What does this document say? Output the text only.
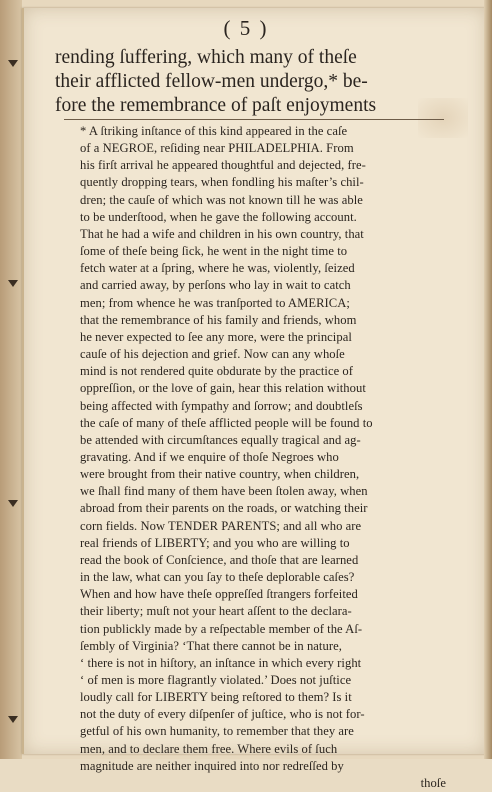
( 5 )
rending ſuffering, which many of theſe
their afflicted fellow-men undergo,* be-
fore the remembrance of paſt enjoyments
* A ſtriking inſtance of this kind appeared in the caſe
of a NEGROE, reſiding near PHILADELPHIA. From
his firſt arrival he appeared thoughtful and dejected, fre-
quently dropping tears, when fondling his maſter’s chil-
dren; the cauſe of which was not known till he was able
to be underſtood, when he gave the following account.
That he had a wife and children in his own country, that
ſome of theſe being ſick, he went in the night time to
fetch water at a ſpring, where he was, violently, ſeized
and carried away, by perſons who lay in wait to catch
men; from whence he was tranſported to AMERICA;
that the remembrance of his family and friends, whom
he never expected to ſee any more, were the principal
cauſe of his dejection and grief. Now can any whoſe
mind is not rendered quite obdurate by the practice of
oppreſſion, or the love of gain, hear this relation without
being affected with ſympathy and ſorrow; and doubtleſs
the caſe of many of theſe afflicted people will be found to
be attended with circumſtances equally tragical and ag-
gravating. And if we enquire of thoſe Negroes who
were brought from their native country, when children,
we ſhall find many of them have been ſtolen away, when
abroad from their parents on the roads, or watching their
corn fields. Now TENDER PARENTS; and all who are
real friends of LIBERTY; and you who are willing to
read the book of Conſcience, and thoſe that are learned
in the law, what can you ſay to theſe deplorable caſes?
When and how have theſe oppreſſed ſtrangers forfeited
their liberty; muſt not your heart aſſent to the declara-
tion publickly made by a reſpectable member of the Aſ-
ſembly of Virginia? ‘That there cannot be in nature,
‘ there is not in hiſtory, an inſtance in which every right
‘ of men is more flagrantly violated.’ Does not juſtice
loudly call for LIBERTY being reſtored to them? Is it
not the duty of every diſpenſer of juſtice, who is not for-
getful of his own humanity, to remember that they are
men, and to declare them free. Where evils of ſuch
magnitude are neither inquired into nor redreſſed by
thoſe
